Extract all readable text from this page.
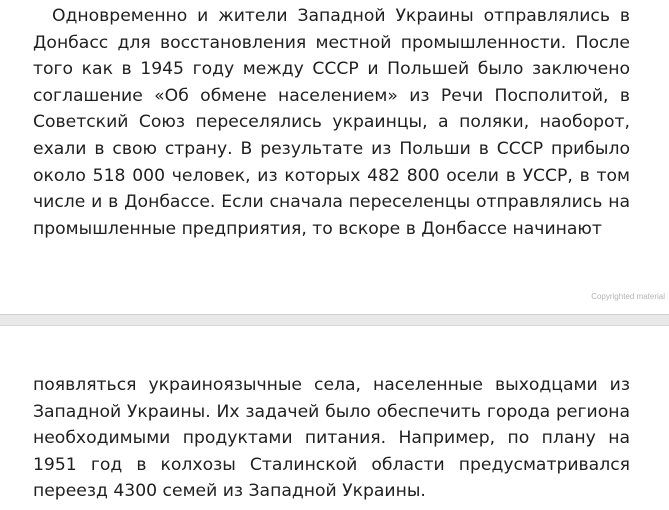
Одновременно и жители Западной Украины отправлялись в Донбасс для восстановления местной промышленности. После того как в 1945 году между СССР и Польшей было заключено соглашение «Об обмене населением» из Речи Посполитой, в Советский Союз переселялись украинцы, а поляки, наоборот, ехали в свою страну. В результате из Польши в СССР прибыло около 518 000 человек, из которых 482 800 осели в УССР, в том числе и в Донбассе. Если сначала переселенцы отправлялись на промышленные предприятия, то вскоре в Донбассе начинают

Copyrighted material

появляться украиноязычные села, населенные выходцами из Западной Украины. Их задачей было обеспечить города региона необходимыми продуктами питания. Например, по плану на 1951 год в колхозы Сталинской области предусматривался переезд 4300 семей из Западной Украины.
